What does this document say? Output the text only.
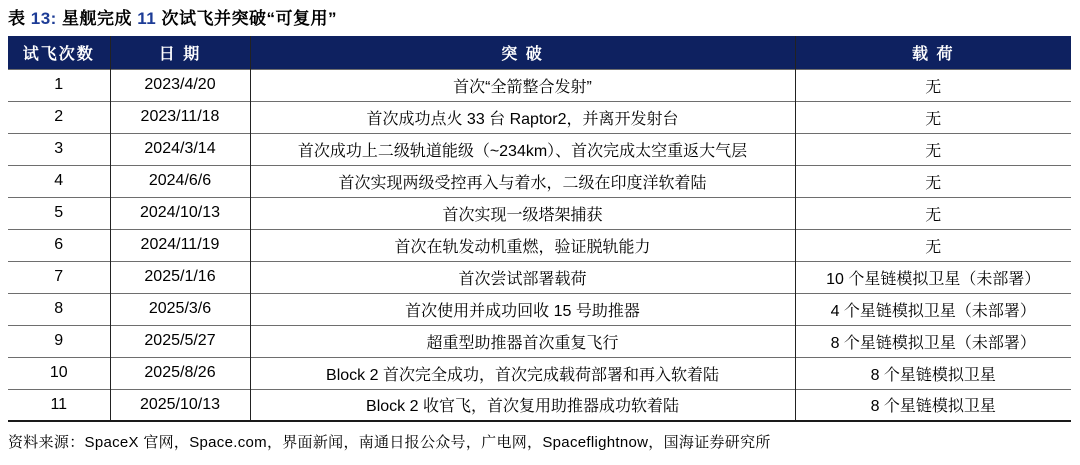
表 13: 星舰完成 11 次试飞并突破“可复用”
试飞次数	日 期	突 破	载 荷
1	2023/4/20	首次“全箭整合发射”	无
2	2023/11/18	首次成功点火 33 台 Raptor2，并离开发射台	无
3	2024/3/14	首次成功上二级轨道能级（~234km）、首次完成太空重返大气层	无
4	2024/6/6	首次实现两级受控再入与着水，二级在印度洋软着陆	无
5	2024/10/13	首次实现一级塔架捕获	无
6	2024/11/19	首次在轨发动机重燃，验证脱轨能力	无
7	2025/1/16	首次尝试部署载荷	10 个星链模拟卫星（未部署）
8	2025/3/6	首次使用并成功回收 15 号助推器	4 个星链模拟卫星（未部署）
9	2025/5/27	超重型助推器首次重复飞行	8 个星链模拟卫星（未部署）
10	2025/8/26	Block 2 首次完全成功，首次完成载荷部署和再入软着陆	8 个星链模拟卫星
11	2025/10/13	Block 2 收官飞，首次复用助推器成功软着陆	8 个星链模拟卫星
资料来源：SpaceX 官网，Space.com，界面新闻，南通日报公众号，广电网，Spaceflightnow，国海证券研究所
